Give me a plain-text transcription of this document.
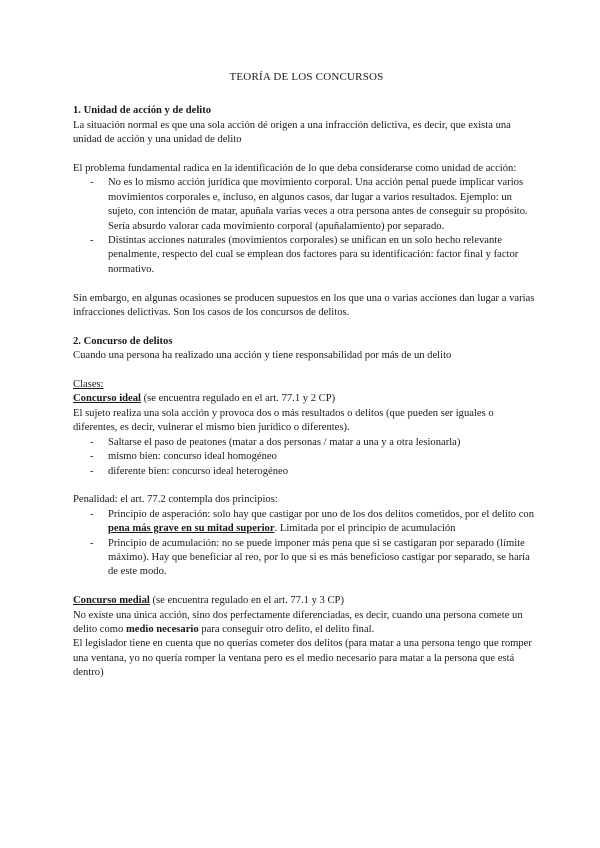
TEORÍA DE LOS CONCURSOS

1. Unidad de acción y de delito

La situación normal es que una sola acción dé origen a una infracción delictiva, es decir, que exista una unidad de acción y una unidad de delito

El problema fundamental radica en la identificación de lo que deba considerarse como unidad de acción:

- No es lo mismo acción jurídica que movimiento corporal. Una acción penal puede implicar varios movimientos corporales e, incluso, en algunos casos, dar lugar a varios resultados. Ejemplo: un sujeto, con intención de matar, apuñala varias veces a otra persona antes de conseguir su propósito. Sería absurdo valorar cada movimiento corporal (apuñalamiento) por separado.
- Distintas acciones naturales (movimientos corporales) se unifican en un solo hecho relevante penalmente, respecto del cual se emplean dos factores para su identificación: factor final y factor normativo.

Sin embargo, en algunas ocasiones se producen supuestos en los que una o varias acciones dan lugar a varias infracciones delictivas. Son los casos de los concursos de delitos.

2. Concurso de delitos

Cuando una persona ha realizado una acción y tiene responsabilidad por más de un delito

Clases:

Concurso ideal (se encuentra regulado en el art. 77.1 y 2 CP)

El sujeto realiza una sola acción y provoca dos o más resultados o delitos (que pueden ser iguales o diferentes, es decir, vulnerar el mismo bien jurídico o diferentes).

- Saltarse el paso de peatones (matar a dos personas / matar a una y a otra lesionarla)
- mismo bien: concurso ideal homogéneo
- diferente bien: concurso ideal heterogéneo

Penalidad: el art. 77.2 contempla dos principios:

- Principio de asperación: solo hay que castigar por uno de los dos delitos cometidos, por el delito con pena más grave en su mitad superior. Limitada por el principio de acumulación
- Principio de acumulación: no se puede imponer más pena que si se castigaran por separado (límite máximo). Hay que beneficiar al reo, por lo que si es más beneficioso castigar por separado, se haría de este modo.

Concurso medial (se encuentra regulado en el art. 77.1 y 3 CP)

No existe una única acción, sino dos perfectamente diferenciadas, es decir, cuando una persona comete un delito como medio necesario para conseguir otro delito, el delito final.

El legislador tiene en cuenta que no querías cometer dos delitos (para matar a una persona tengo que romper una ventana, yo no quería romper la ventana pero es el medio necesario para matar a la persona que está dentro)
